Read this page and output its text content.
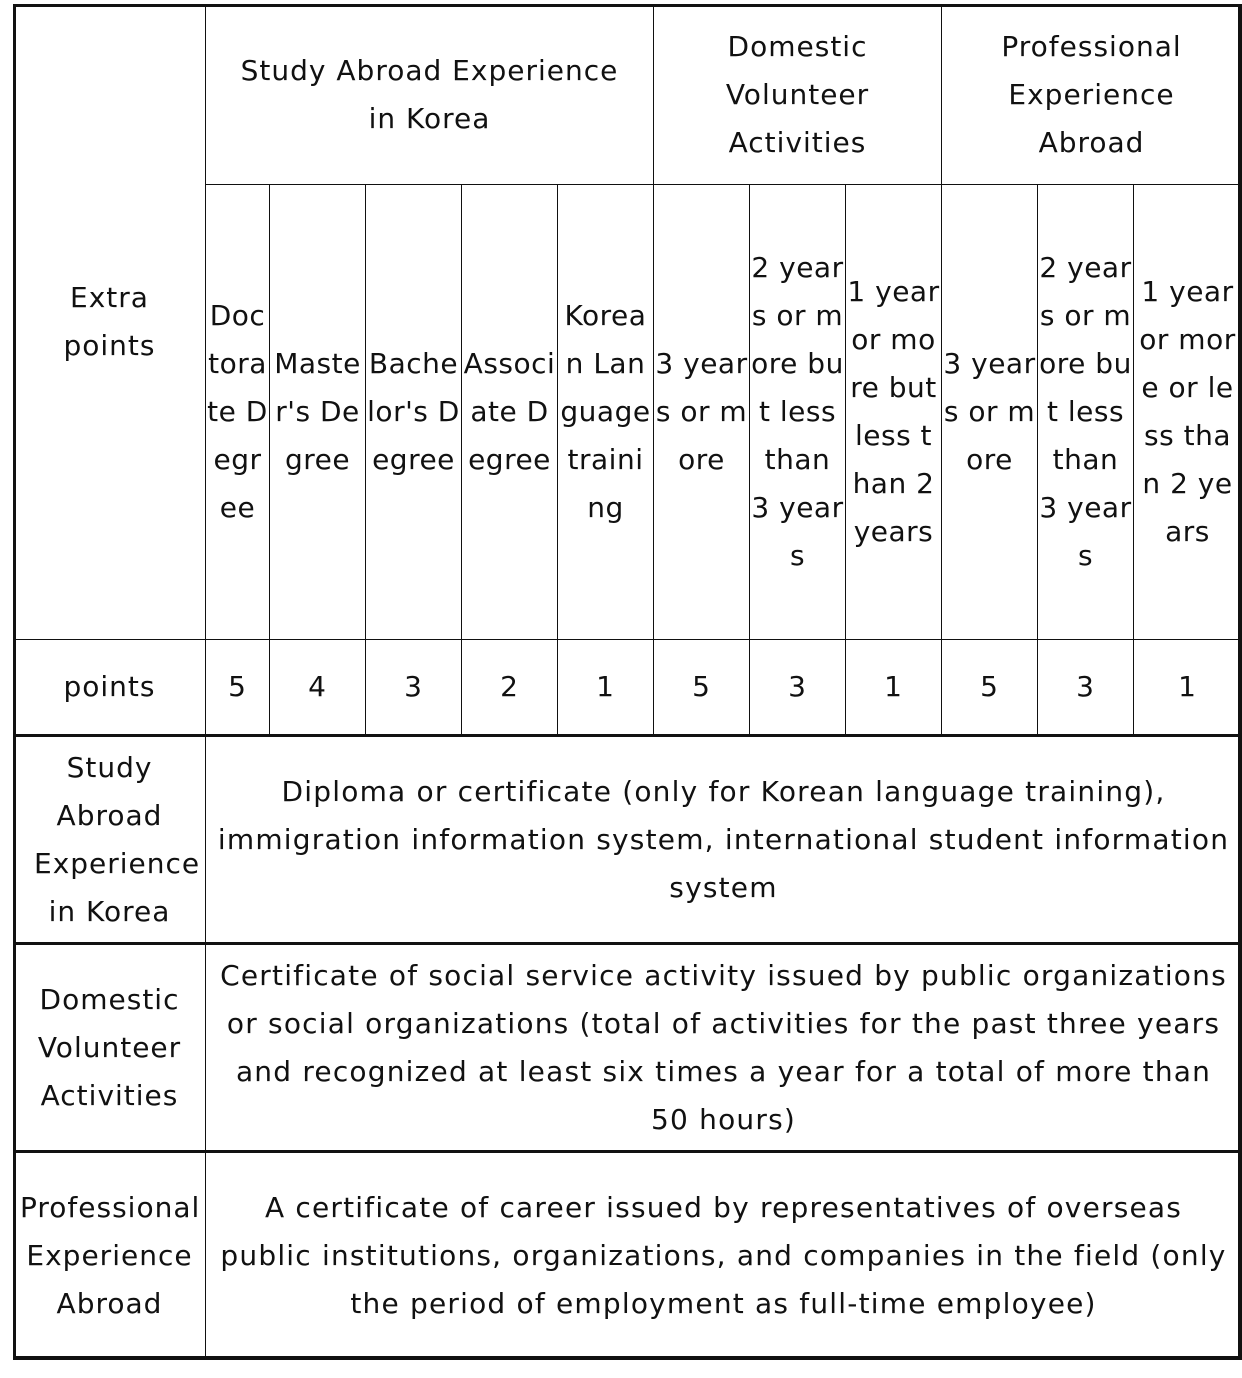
Extra points	Study Abroad Experience in Korea					Domestic Volunteer Activities			Professional Experience Abroad		
	Doctorate Degree	Master's Degree	Bachelor's Degree	Associate Degree	Korean Language training	3 years or more	2 years or more but less than 3 years	1 year or more but less than 2 years	3 years or more	2 years or more but less than 3 years	1 year or more or less than 2 years
points	5	4	3	2	1	5	3	1	5	3	1
Study Abroad Experience in Korea	Diploma or certificate (only for Korean language training), immigration information system, international student information system										
Domestic Volunteer Activities	Certificate of social service activity issued by public organizations or social organizations (total of activities for the past three years and recognized at least six times a year for a total of more than 50 hours)										
Professional Experience Abroad	A certificate of career issued by representatives of overseas public institutions, organizations, and companies in the field (only the period of employment as full-time employee)										
